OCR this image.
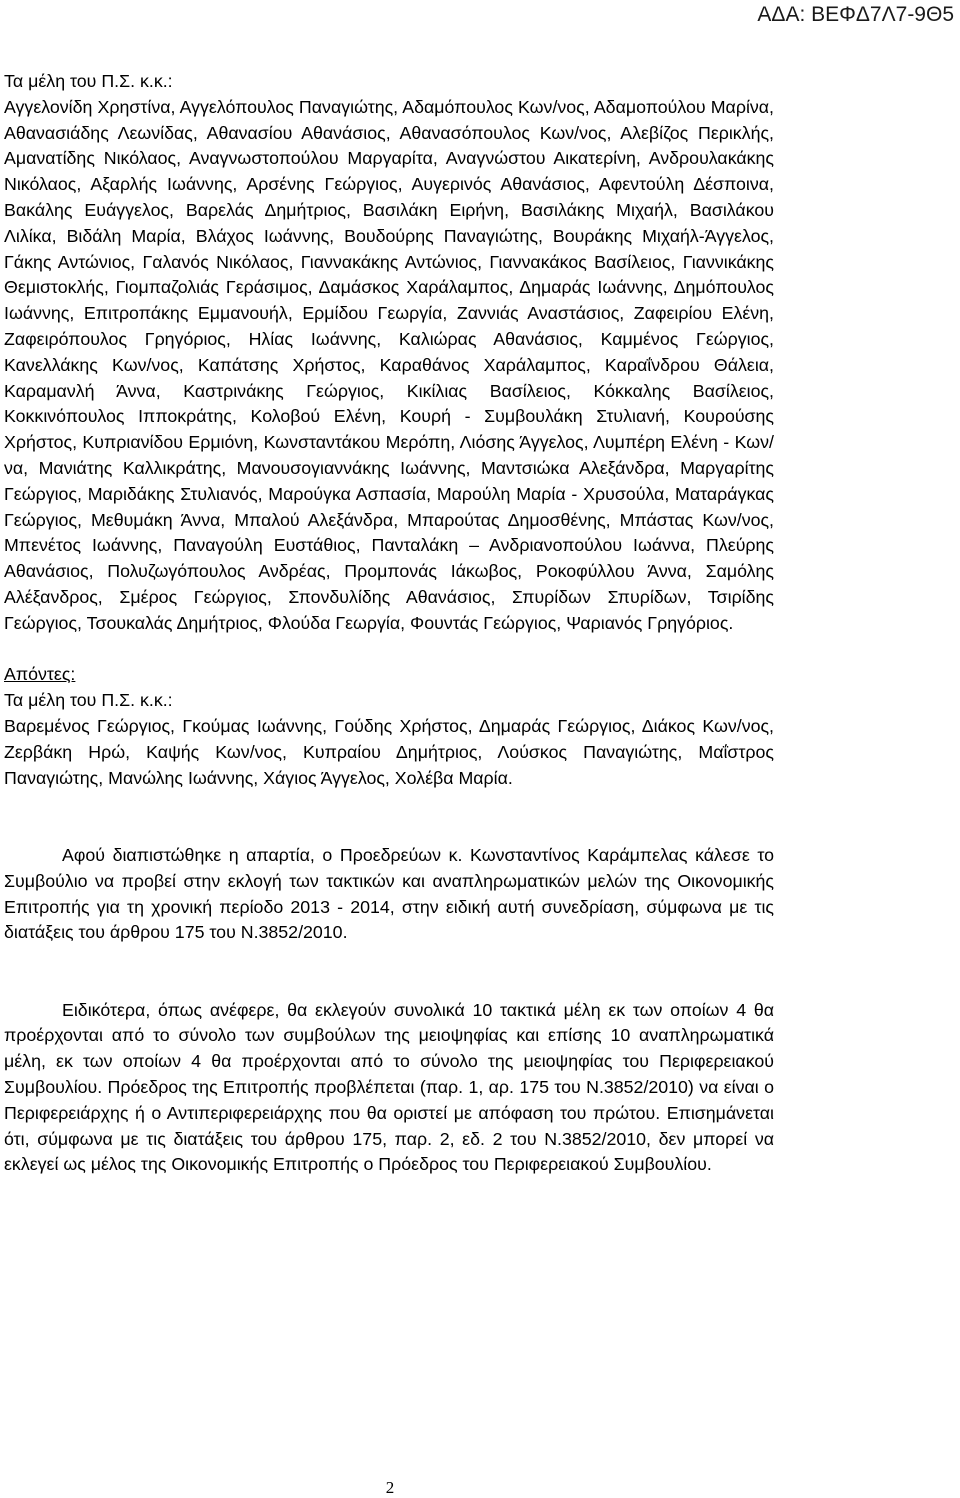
ΑΔΑ: ΒΕΦΔ7Λ7-9Θ5

Τα μέλη του Π.Σ. κ.κ.:

Αγγελονίδη Χρηστίνα, Αγγελόπουλος Παναγιώτης, Αδαμόπουλος Κων/νος, Αδαμοπούλου Μαρίνα, Αθανασιάδης Λεωνίδας, Αθανασίου Αθανάσιος, Αθανασόπουλος Κων/νος, Αλεβίζος Περικλής, Αμανατίδης Νικόλαος, Αναγνωστοπούλου Μαργαρίτα, Αναγνώστου Αικατερίνη, Ανδρουλακάκης Νικόλαος, Αξαρλής Ιωάννης, Αρσένης Γεώργιος, Αυγερινός Αθανάσιος, Αφεντούλη Δέσποινα, Βακάλης Ευάγγελος, Βαρελάς Δημήτριος, Βασιλάκη Ειρήνη, Βασιλάκης Μιχαήλ, Βασιλάκου Λιλίκα, Βιδάλη Μαρία, Βλάχος Ιωάννης, Βουδούρης Παναγιώτης, Βουράκης Μιχαήλ-Άγγελος, Γάκης Αντώνιος, Γαλανός Νικόλαος, Γιαννακάκης Αντώνιος, Γιαννακάκος Βασίλειος, Γιαννικάκης Θεμιστοκλής, Γιομπαζολιάς Γεράσιμος, Δαμάσκος Χαράλαμπος, Δημαράς Ιωάννης, Δημόπουλος Ιωάννης, Επιτροπάκης Εμμανουήλ, Ερμίδου Γεωργία, Ζαννιάς Αναστάσιος, Ζαφειρίου Ελένη, Ζαφειρόπουλος Γρηγόριος, Ηλίας Ιωάννης, Καλιώρας Αθανάσιος, Καμμένος Γεώργιος, Κανελλάκης Κων/νος, Καπάτσης Χρήστος, Καραθάνος Χαράλαμπος, Καραΐνδρου Θάλεια, Καραμανλή Άννα, Καστρινάκης Γεώργιος, Κικίλιας Βασίλειος, Κόκκαλης Βασίλειος, Κοκκινόπουλος Ιπποκράτης, Κολοβού Ελένη, Κουρή - Συμβουλάκη Στυλιανή, Κουρούσης Χρήστος, Κυπριανίδου Ερμιόνη, Κωνσταντάκου Μερόπη, Λιόσης Άγγελος, Λυμπέρη Ελένη - Κων/να, Μανιάτης Καλλικράτης, Μανουσογιαννάκης Ιωάννης, Μαντσιώκα Αλεξάνδρα, Μαργαρίτης Γεώργιος, Μαριδάκης Στυλιανός, Μαρούγκα Ασπασία, Μαρούλη Μαρία - Χρυσούλα, Ματαράγκας Γεώργιος, Μεθυμάκη Άννα, Μπαλού Αλεξάνδρα, Μπαρούτας Δημοσθένης, Μπάστας Κων/νος, Μπενέτος Ιωάννης, Παναγούλη Ευστάθιος, Πανταλάκη – Ανδριανοπούλου Ιωάννα, Πλεύρης Αθανάσιος, Πολυζωγόπουλος Ανδρέας, Προμπονάς Ιάκωβος, Ροκοφύλλου Άννα, Σαμόλης Αλέξανδρος, Σμέρος Γεώργιος, Σπονδυλίδης Αθανάσιος, Σπυρίδων Σπυρίδων, Τσιρίδης Γεώργιος, Τσουκαλάς Δημήτριος, Φλούδα Γεωργία, Φουντάς Γεώργιος, Ψαριανός Γρηγόριος.

Απόντες:

Τα μέλη του Π.Σ. κ.κ.:

Βαρεμένος Γεώργιος, Γκούμας Ιωάννης, Γούδης Χρήστος, Δημαράς Γεώργιος, Διάκος Κων/νος, Ζερβάκη Ηρώ, Καψής Κων/νος, Κυπραίου Δημήτριος, Λούσκος Παναγιώτης, Μαΐστρος Παναγιώτης, Μανώλης Ιωάννης, Χάγιος Άγγελος, Χολέβα Μαρία.

Αφού διαπιστώθηκε η απαρτία, ο Προεδρεύων κ. Κωνσταντίνος Καράμπελας κάλεσε το Συμβούλιο να προβεί στην εκλογή των τακτικών και αναπληρωματικών μελών της Οικονομικής Επιτροπής για τη χρονική περίοδο 2013 - 2014, στην ειδική αυτή συνεδρίαση, σύμφωνα με τις διατάξεις του άρθρου 175 του Ν.3852/2010.

Ειδικότερα, όπως ανέφερε, θα εκλεγούν συνολικά 10 τακτικά μέλη εκ των οποίων 4 θα προέρχονται από το σύνολο των συμβούλων της μειοψηφίας και επίσης 10 αναπληρωματικά μέλη, εκ των οποίων 4 θα προέρχονται από το σύνολο της μειοψηφίας του Περιφερειακού Συμβουλίου. Πρόεδρος της Επιτροπής προβλέπεται (παρ. 1, αρ. 175 του Ν.3852/2010) να είναι ο Περιφερειάρχης ή ο Αντιπεριφερειάρχης που θα οριστεί με απόφαση του πρώτου. Επισημάνεται ότι, σύμφωνα με τις διατάξεις του άρθρου 175, παρ. 2, εδ. 2 του Ν.3852/2010, δεν μπορεί να εκλεγεί ως μέλος της Οικονομικής Επιτροπής ο Πρόεδρος του Περιφερειακού Συμβουλίου.

2
